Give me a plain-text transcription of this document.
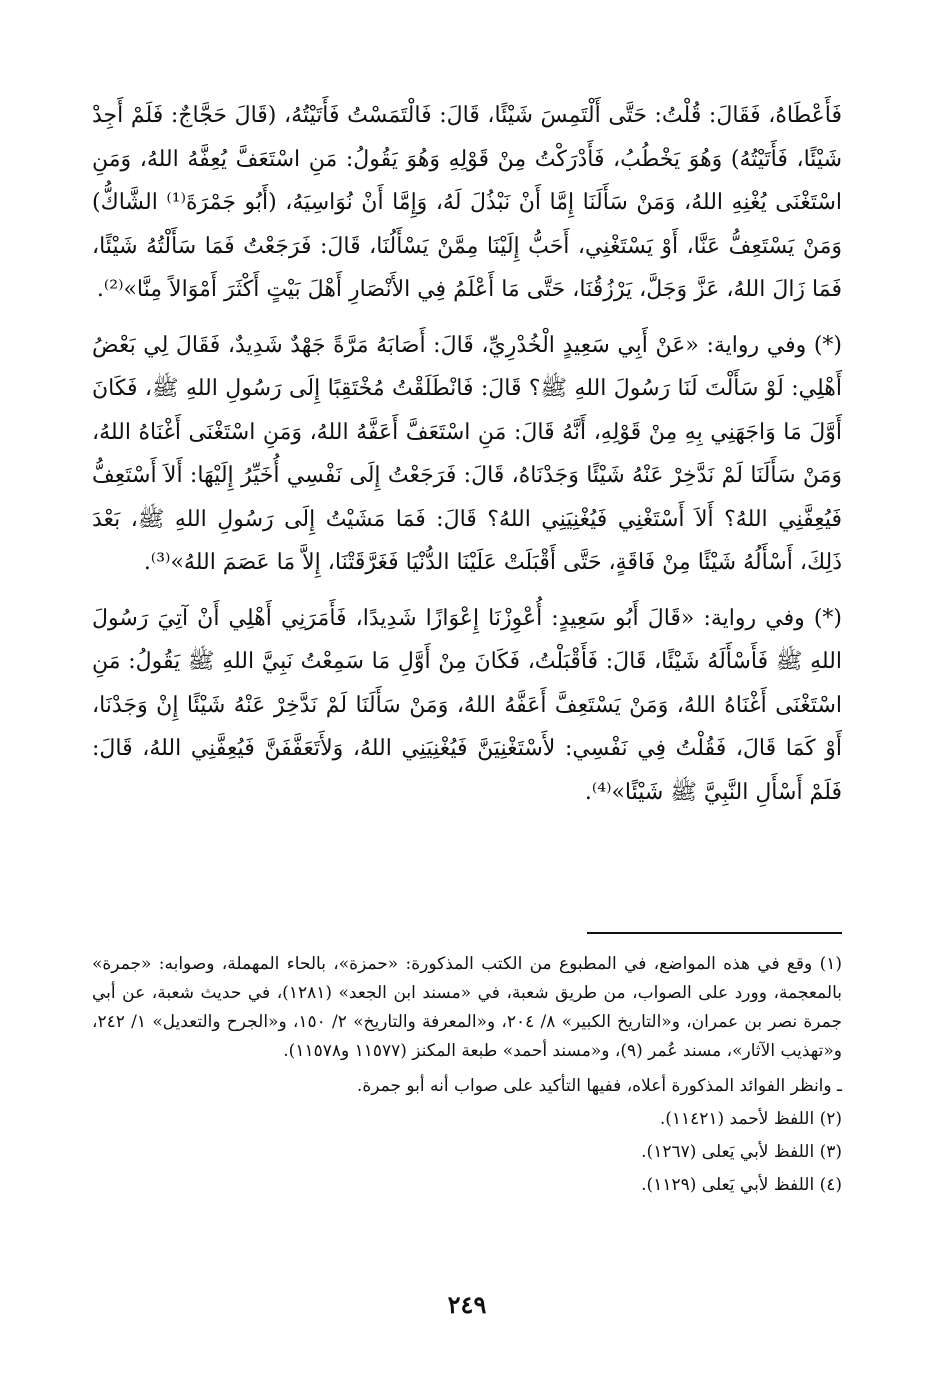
فَأَعْطَاهُ، فَقَالَ: قُلْتُ: حَتَّى أَلْتَمِسَ شَيْئًا، قَالَ: فَالْتَمَسْتُ فَأَتَيْتُهُ، (قَالَ حَجَّاجٌ: فَلَمْ أَجِدْ شَيْئًا، فَأَتَيْتُهُ) وَهُوَ يَخْطُبُ، فَأَدْرَكْتُ مِنْ قَوْلِهِ وَهُوَ يَقُولُ: مَنِ اسْتَعَفَّ يُعِفَّهُ اللهُ، وَمَنِ اسْتَغْنَى يُغْنِهِ اللهُ، وَمَنْ سَأَلَنَا إِمَّا أَنْ نَبْذُلَ لَهُ، وَإِمَّا أَنْ نُوَاسِيَهُ، (أَبُو جَمْرَةَ⁽¹⁾ الشَّاكُّ) وَمَنْ يَسْتَعِفُّ عَنَّا، أَوْ يَسْتَغْنِي، أَحَبُّ إِلَيْنَا مِمَّنْ يَسْأَلُنَا، قَالَ: فَرَجَعْتُ فَمَا سَأَلْتُهُ شَيْئًا، فَمَا زَالَ اللهُ، عَزَّ وَجَلَّ، يَرْزُقُنَا، حَتَّى مَا أَعْلَمُ فِي الأَنْصَارِ أَهْلَ بَيْتٍ أَكْثَرَ أَمْوَالاً مِنَّا»⁽²⁾.

(*) وفي رواية: «عَنْ أَبِي سَعِيدٍ الْخُدْرِيِّ، قَالَ: أَصَابَهُ مَرَّةً جَهْدٌ شَدِيدٌ، فَقَالَ لِي بَعْضُ أَهْلِي: لَوْ سَأَلْتَ لَنَا رَسُولَ اللهِ ﷺ؟ قَالَ: فَانْطَلَقْتُ مُخْتَقِبًا إِلَى رَسُولِ اللهِ ﷺ، فَكَانَ أَوَّلَ مَا وَاجَهَنِي بِهِ مِنْ قَوْلِهِ، أَنَّهُ قَالَ: مَنِ اسْتَعَفَّ أَعَفَّهُ اللهُ، وَمَنِ اسْتَغْنَى أَغْنَاهُ اللهُ، وَمَنْ سَأَلَنَا لَمْ نَدَّخِرْ عَنْهُ شَيْئًا وَجَدْنَاهُ، قَالَ: فَرَجَعْتُ إِلَى نَفْسِي أُخَيِّرُ إِلَيْهَا: أَلاَ أَسْتَعِفُّ فَيُعِفَّنِي اللهُ؟ أَلاَ أَسْتَغْنِي فَيُغْنِيَنِي اللهُ؟ قَالَ: فَمَا مَشَيْتُ إِلَى رَسُولِ اللهِ ﷺ، بَعْدَ ذَلِكَ، أَسْأَلُهُ شَيْئًا مِنْ فَاقَةٍ، حَتَّى أَقْبَلَتْ عَلَيْنَا الدُّنْيَا فَغَرَّقَتْنَا، إِلاَّ مَا عَصَمَ اللهُ»⁽³⁾.

(*) وفي رواية: «قَالَ أَبُو سَعِيدٍ: أُعْوِزْنَا إِعْوَازًا شَدِيدًا، فَأَمَرَنِي أَهْلِي أَنْ آتِيَ رَسُولَ اللهِ ﷺ فَأَسْأَلَهُ شَيْئًا، قَالَ: فَأَقْبَلْتُ، فَكَانَ مِنْ أَوَّلِ مَا سَمِعْتُ نَبِيَّ اللهِ ﷺ يَقُولُ: مَنِ اسْتَغْنَى أَغْنَاهُ اللهُ، وَمَنْ يَسْتَعِفَّ أَعَفَّهُ اللهُ، وَمَنْ سَأَلَنَا لَمْ نَدَّخِرْ عَنْهُ شَيْئًا إِنْ وَجَدْنَا، أَوْ كَمَا قَالَ، فَقُلْتُ فِي نَفْسِي: لأَسْتَغْنِيَنَّ فَيُغْنِيَنِي اللهُ، وَلأَتَعَفَّفَنَّ فَيُعِفَّنِي اللهُ، قَالَ: فَلَمْ أَسْأَلِ النَّبِيَّ ﷺ شَيْئًا»⁽⁴⁾.

(١) وقع في هذه المواضع، في المطبوع من الكتب المذكورة: «حمزة»، بالحاء المهملة، وصوابه: «جمرة» بالمعجمة، وورد على الصواب، من طريق شعبة، في «مسند ابن الجعد» (١٢٨١)، في حديث شعبة، عن أبي جمرة نصر بن عمران، و«التاريخ الكبير» ٨/ ٢٠٤، و«المعرفة والتاريخ» ٢/ ١٥٠، و«الجرح والتعديل» ١/ ٢٤٢، و«تهذيب الآثار»، مسند عُمر (٩)، و«مسند أحمد» طبعة المكنز (١١٥٧٧ و١١٥٧٨).

ـ وانظر الفوائد المذكورة أعلاه، ففيها التأكيد على صواب أنه أبو جمرة.

(٢) اللفظ لأحمد (١١٤٢١).

(٣) اللفظ لأبي يَعلى (١٢٦٧).

(٤) اللفظ لأبي يَعلى (١١٢٩).

٢٤٩
